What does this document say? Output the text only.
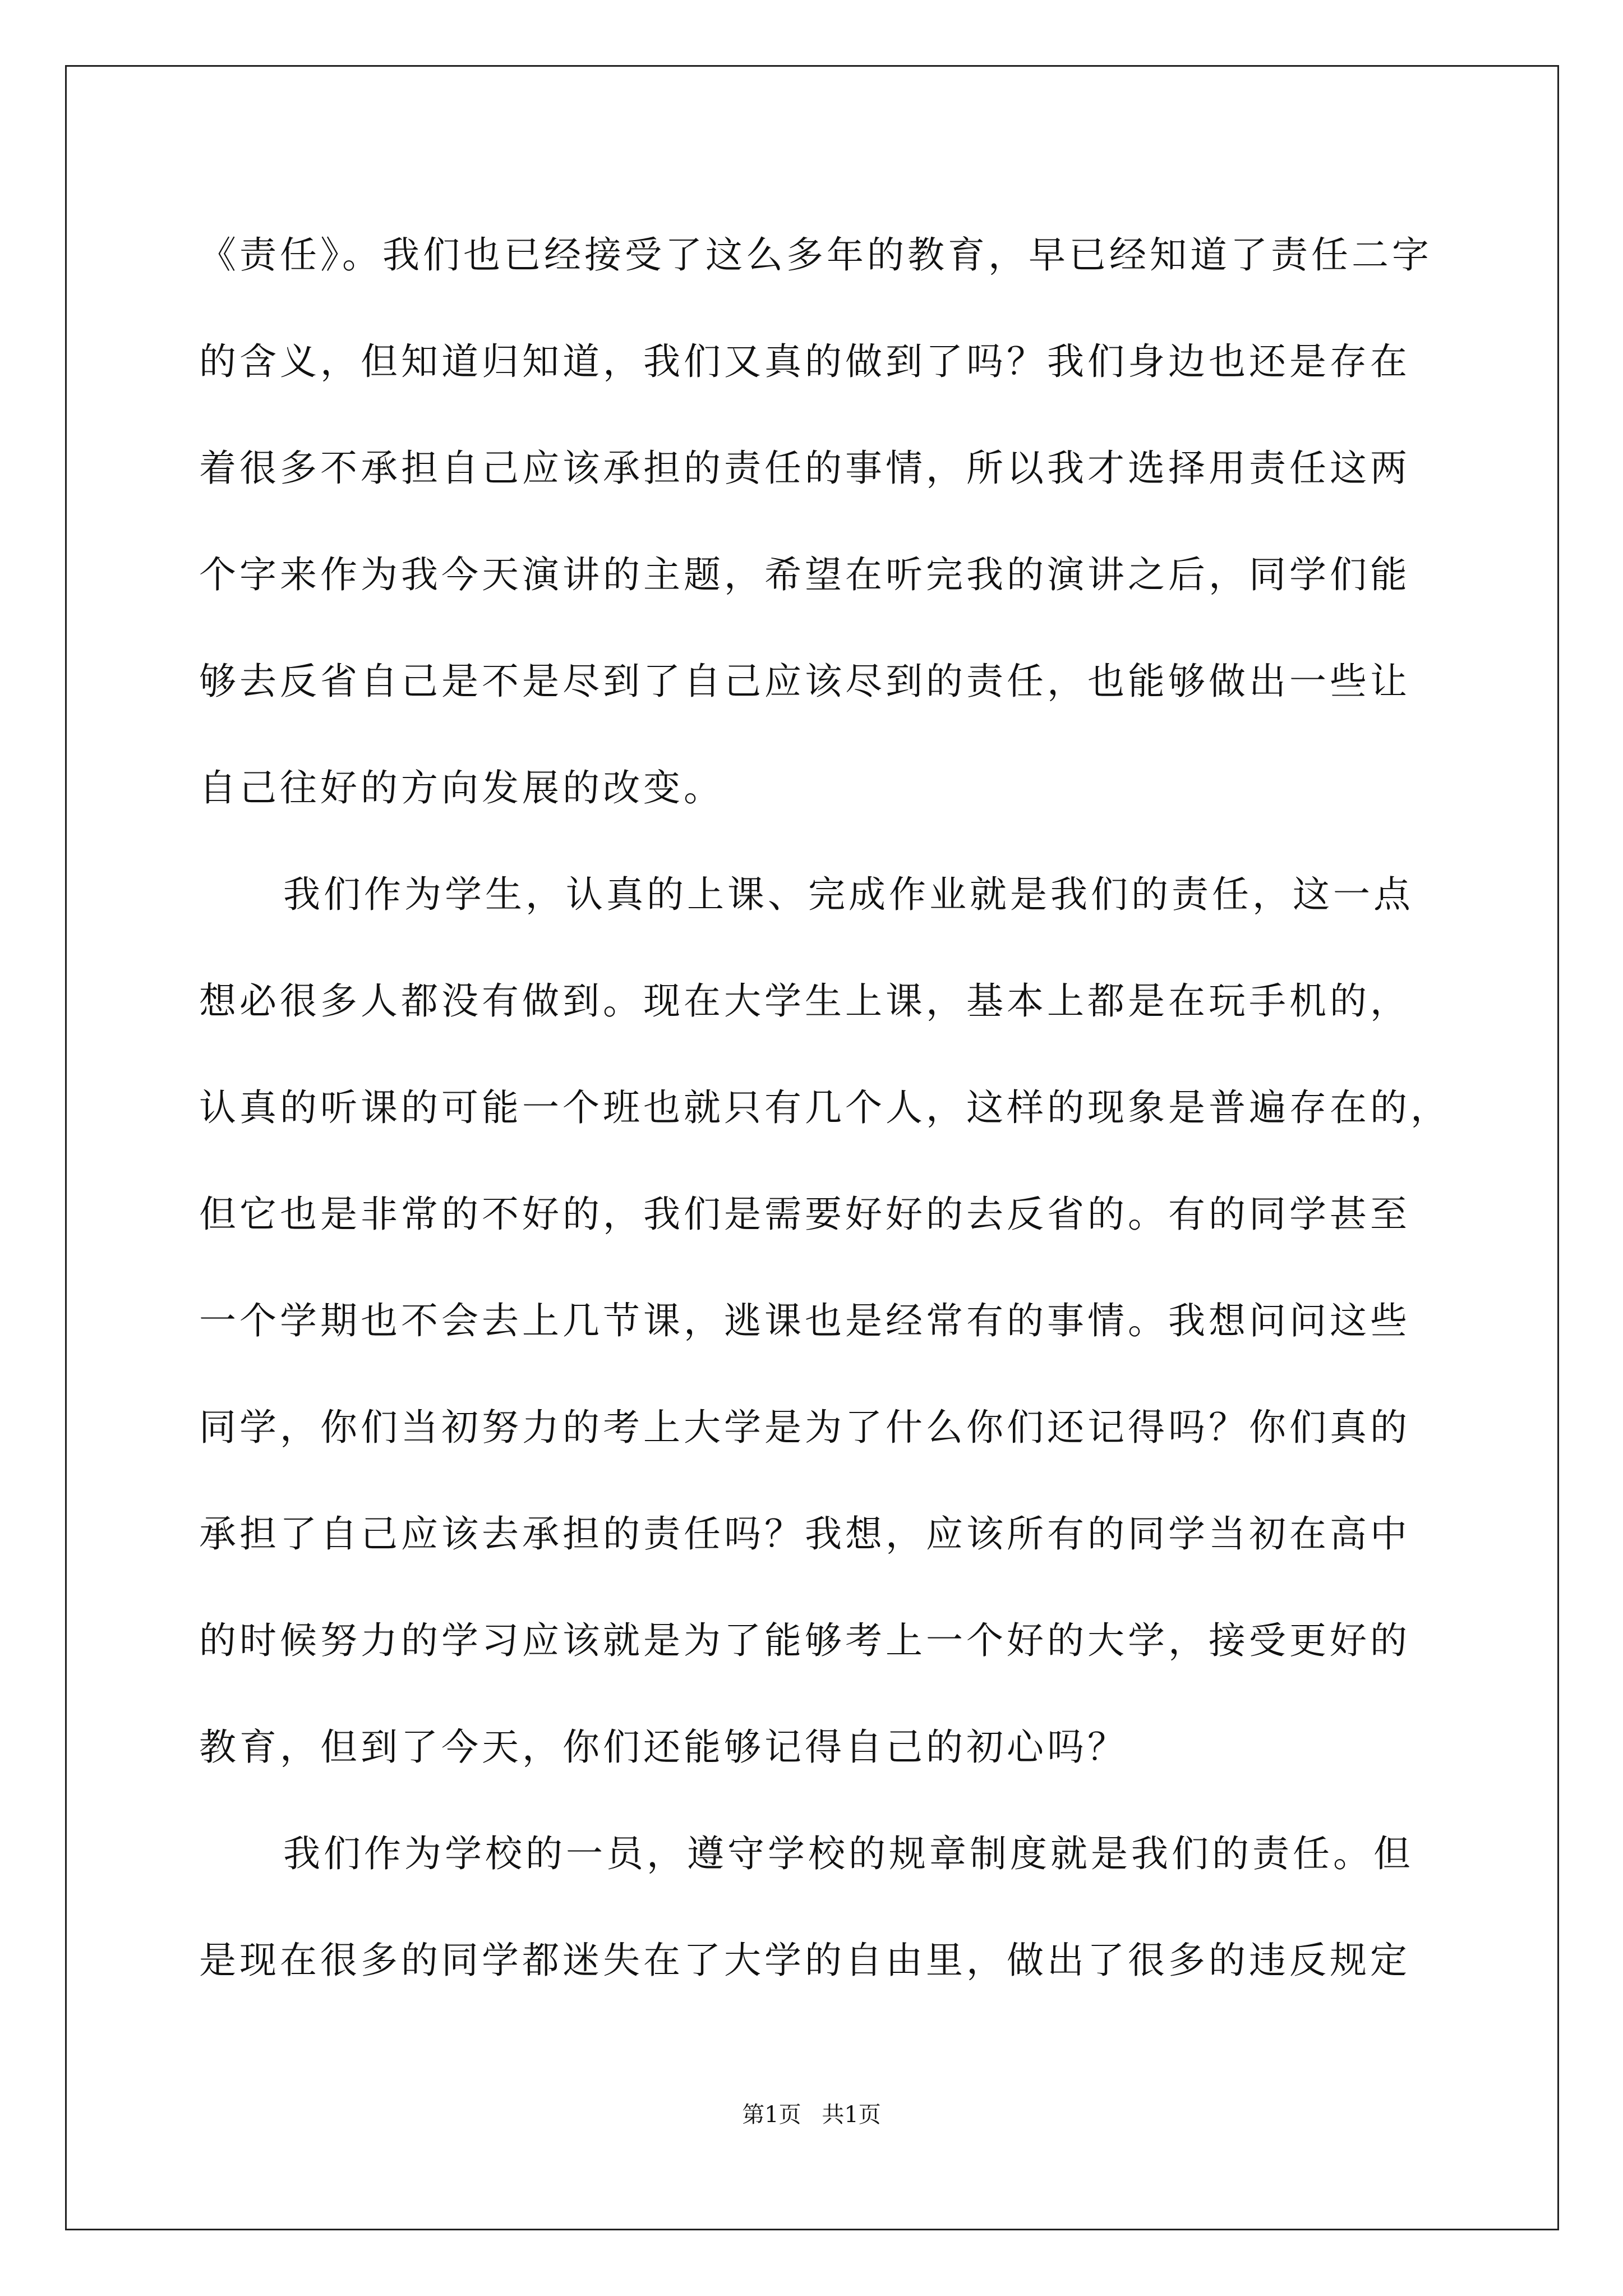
《责任》。我们也已经接受了这么多年的教育，早已经知道了责任二字
的含义，但知道归知道，我们又真的做到了吗？我们身边也还是存在
着很多不承担自己应该承担的责任的事情，所以我才选择用责任这两
个字来作为我今天演讲的主题，希望在听完我的演讲之后，同学们能
够去反省自己是不是尽到了自己应该尽到的责任，也能够做出一些让
自己往好的方向发展的改变。
我们作为学生，认真的上课、完成作业就是我们的责任，这一点
想必很多人都没有做到。现在大学生上课，基本上都是在玩手机的，
认真的听课的可能一个班也就只有几个人，这样的现象是普遍存在的，
但它也是非常的不好的，我们是需要好好的去反省的。有的同学甚至
一个学期也不会去上几节课，逃课也是经常有的事情。我想问问这些
同学，你们当初努力的考上大学是为了什么你们还记得吗？你们真的
承担了自己应该去承担的责任吗？我想，应该所有的同学当初在高中
的时候努力的学习应该就是为了能够考上一个好的大学，接受更好的
教育，但到了今天，你们还能够记得自己的初心吗？
我们作为学校的一员，遵守学校的规章制度就是我们的责任。但
是现在很多的同学都迷失在了大学的自由里，做出了很多的违反规定
第1页 共1页
